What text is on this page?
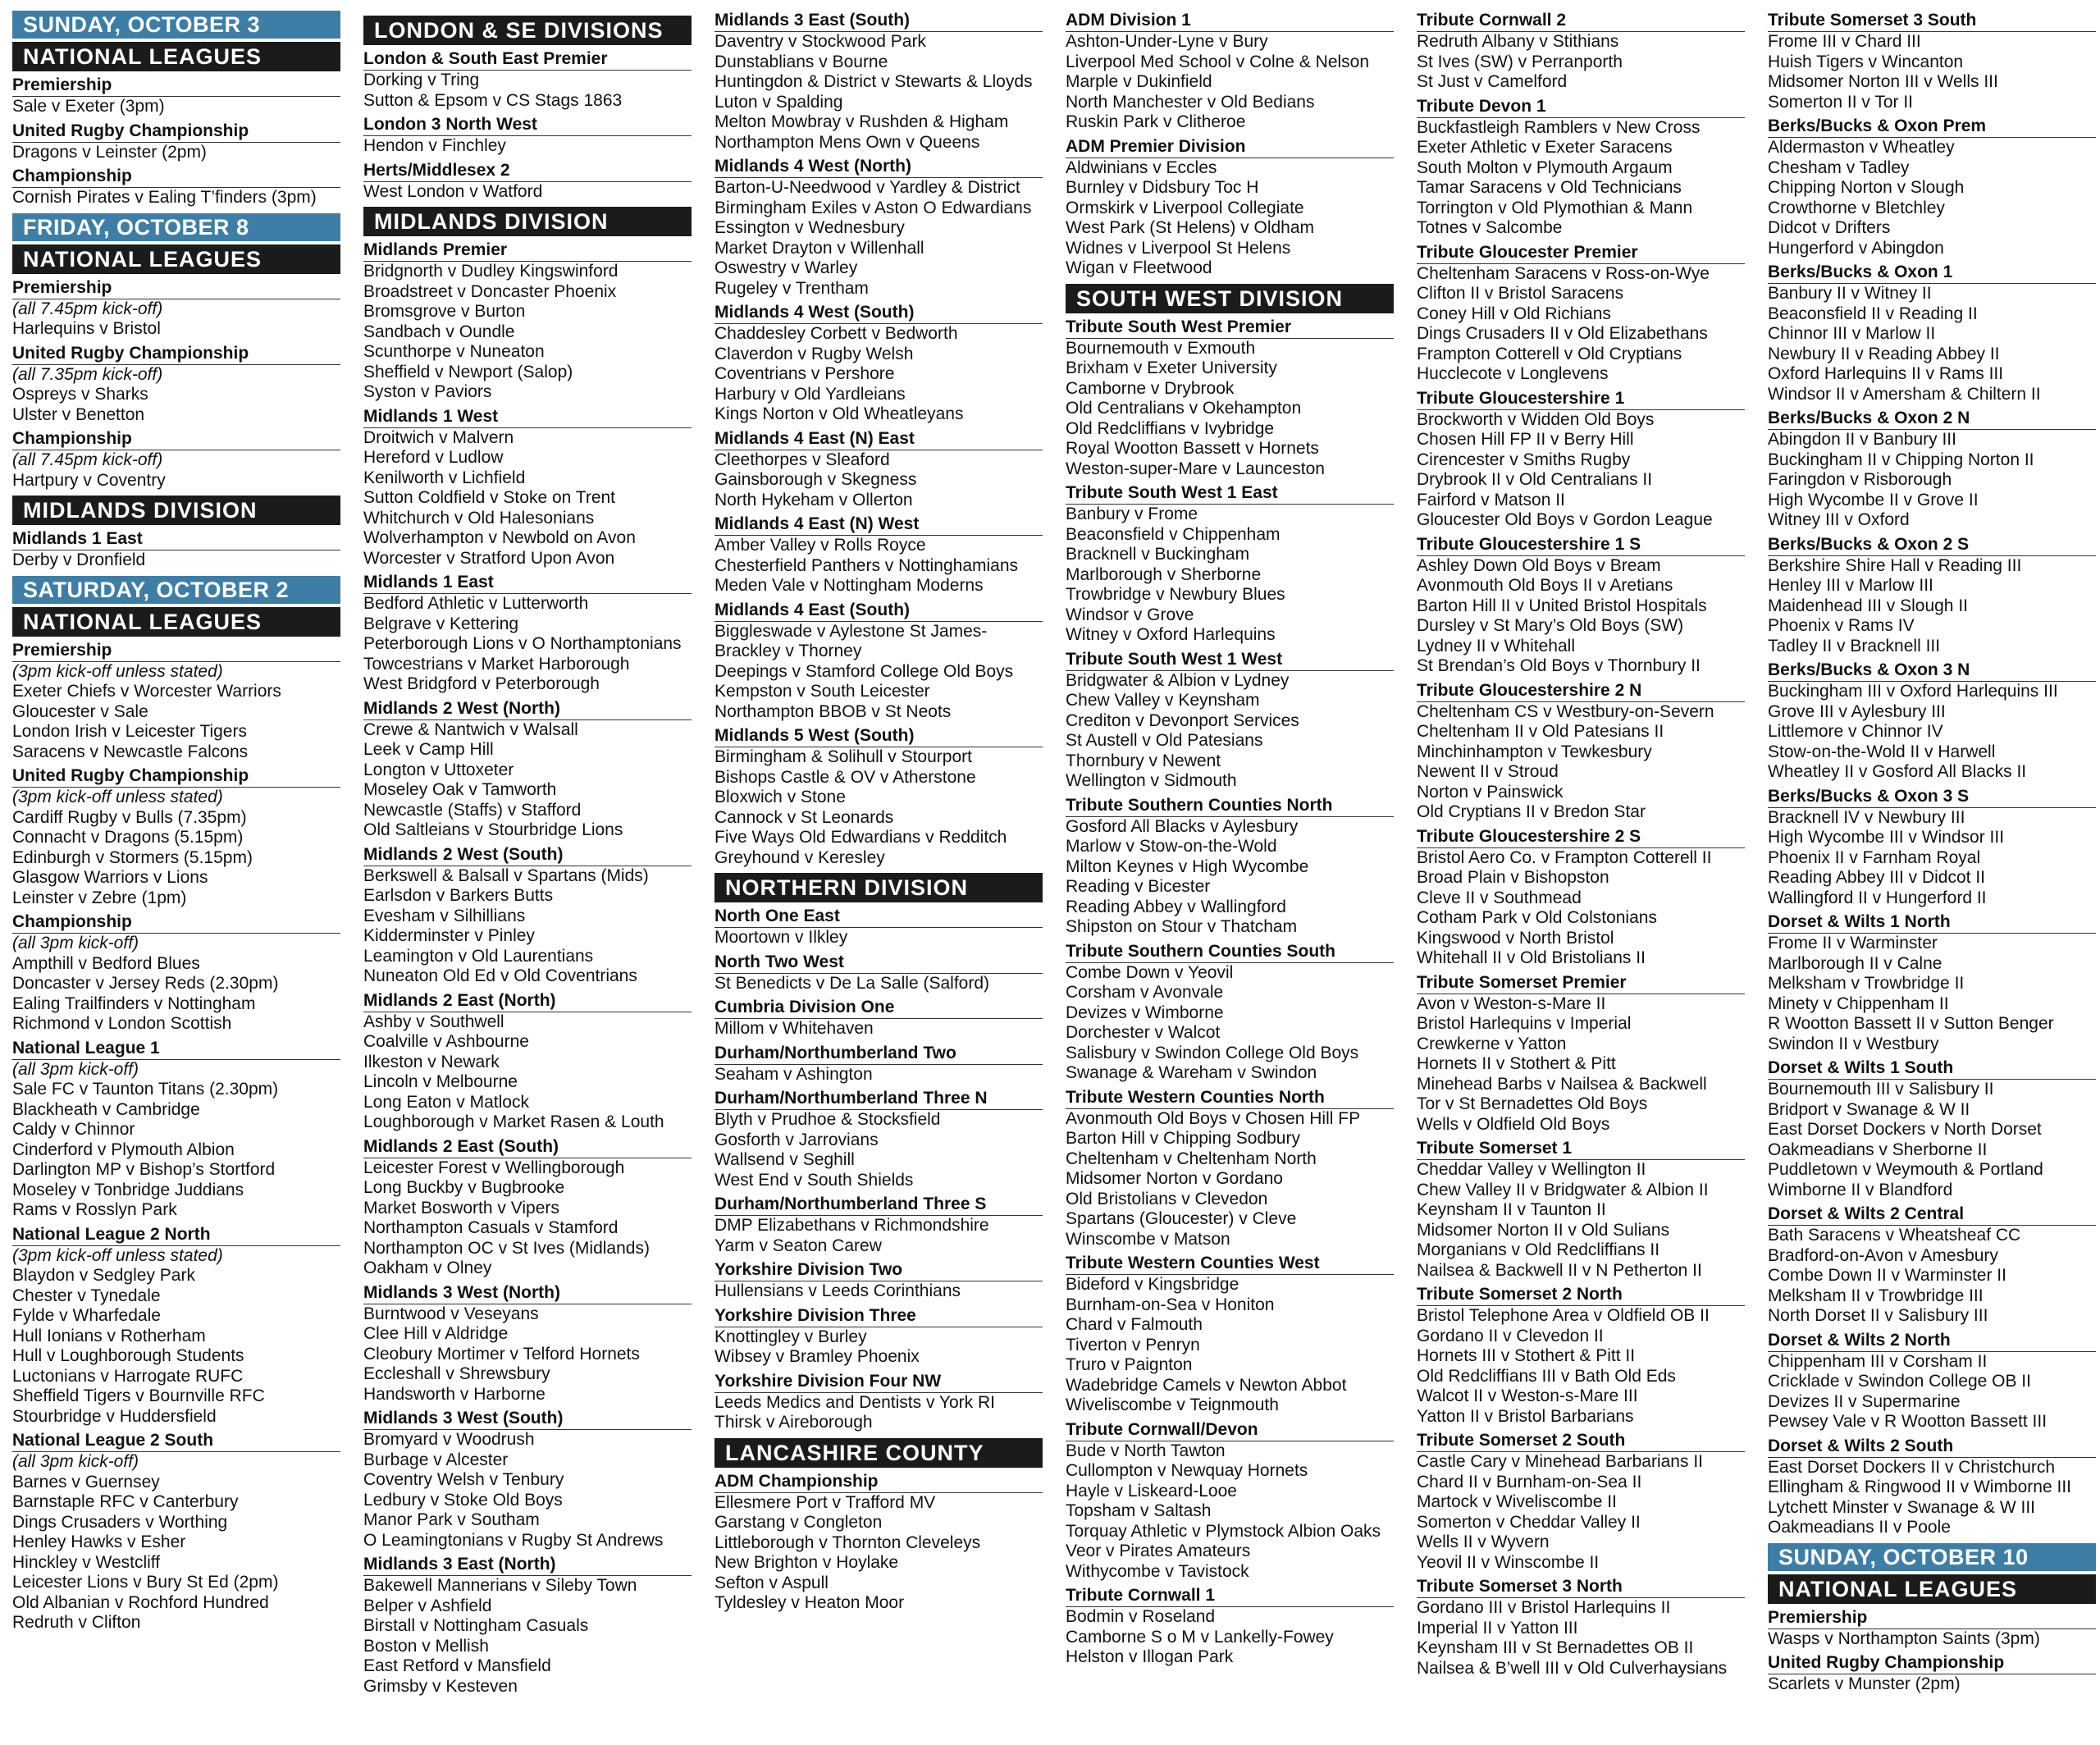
SUNDAY, OCTOBER 3
NATIONAL LEAGUES
Premiership
Sale v Exeter (3pm)
United Rugby Championship
Dragons v Leinster (2pm)
Championship
Cornish Pirates v Ealing T’finders (3pm)
FRIDAY, OCTOBER 8
NATIONAL LEAGUES
Premiership
(all 7.45pm kick-off)
Harlequins v Bristol
United Rugby Championship
(all 7.35pm kick-off)
Ospreys v Sharks
Ulster v Benetton
Championship
(all 7.45pm kick-off)
Hartpury v Coventry
MIDLANDS DIVISION
Midlands 1 East
Derby v Dronfield
SATURDAY, OCTOBER 2
NATIONAL LEAGUES
Premiership
(3pm kick-off unless stated)
Exeter Chiefs v Worcester Warriors
Gloucester v Sale
London Irish v Leicester Tigers
Saracens v Newcastle Falcons
United Rugby Championship
(3pm kick-off unless stated)
Cardiff Rugby v Bulls (7.35pm)
Connacht v Dragons (5.15pm)
Edinburgh v Stormers (5.15pm)
Glasgow Warriors v Lions
Leinster v Zebre (1pm)
Championship
(all 3pm kick-off)
Ampthill v Bedford Blues
Doncaster v Jersey Reds (2.30pm)
Ealing Trailfinders v Nottingham
Richmond v London Scottish
National League 1
(all 3pm kick-off)
Sale FC v Taunton Titans (2.30pm)
Blackheath v Cambridge
Caldy v Chinnor
Cinderford v Plymouth Albion
Darlington MP v Bishop’s Stortford
Moseley v Tonbridge Juddians
Rams v Rosslyn Park
National League 2 North
(3pm kick-off unless stated)
Blaydon v Sedgley Park
Chester v Tynedale
Fylde v Wharfedale
Hull Ionians v Rotherham
Hull v Loughborough Students
Luctonians v Harrogate RUFC
Sheffield Tigers v Bournville RFC
Stourbridge v Huddersfield
National League 2 South
(all 3pm kick-off)
Barnes v Guernsey
Barnstaple RFC v Canterbury
Dings Crusaders v Worthing
Henley Hawks v Esher
Hinckley v Westcliff
Leicester Lions v Bury St Ed (2pm)
Old Albanian v Rochford Hundred
Redruth v Clifton
LONDON & SE DIVISIONS
London & South East Premier
Dorking v Tring
Sutton & Epsom v CS Stags 1863
London 3 North West
Hendon v Finchley
Herts/Middlesex 2
West London v Watford
MIDLANDS DIVISION
Midlands Premier
Bridgnorth v Dudley Kingswinford
Broadstreet v Doncaster Phoenix
Bromsgrove v Burton
Sandbach v Oundle
Scunthorpe v Nuneaton
Sheffield v Newport (Salop)
Syston v Paviors
Midlands 1 West
Droitwich v Malvern
Hereford v Ludlow
Kenilworth v Lichfield
Sutton Coldfield v Stoke on Trent
Whitchurch v Old Halesonians
Wolverhampton v Newbold on Avon
Worcester v Stratford Upon Avon
Midlands 1 East
Bedford Athletic v Lutterworth
Belgrave v Kettering
Peterborough Lions v O Northamptonians
Towcestrians v Market Harborough
West Bridgford v Peterborough
Midlands 2 West (North)
Crewe & Nantwich v Walsall
Leek v Camp Hill
Longton v Uttoxeter
Moseley Oak v Tamworth
Newcastle (Staffs) v Stafford
Old Saltleians v Stourbridge Lions
Midlands 2 West (South)
Berkswell & Balsall v Spartans (Mids)
Earlsdon v Barkers Butts
Evesham v Silhillians
Kidderminster v Pinley
Leamington v Old Laurentians
Nuneaton Old Ed v Old Coventrians
Midlands 2 East (North)
Ashby v Southwell
Coalville v Ashbourne
Ilkeston v Newark
Lincoln v Melbourne
Long Eaton v Matlock
Loughborough v Market Rasen & Louth
Midlands 2 East (South)
Leicester Forest v Wellingborough
Long Buckby v Bugbrooke
Market Bosworth v Vipers
Northampton Casuals v Stamford
Northampton OC v St Ives (Midlands)
Oakham v Olney
Midlands 3 West (North)
Burntwood v Veseyans
Clee Hill v Aldridge
Cleobury Mortimer v Telford Hornets
Eccleshall v Shrewsbury
Handsworth v Harborne
Midlands 3 West (South)
Bromyard v Woodrush
Burbage v Alcester
Coventry Welsh v Tenbury
Ledbury v Stoke Old Boys
Manor Park v Southam
O Leamingtonians v Rugby St Andrews
Midlands 3 East (North)
Bakewell Mannerians v Sileby Town
Belper v Ashfield
Birstall v Nottingham Casuals
Boston v Mellish
East Retford v Mansfield
Grimsby v Kesteven
Midlands 3 East (South)
Daventry v Stockwood Park
Dunstablians v Bourne
Huntingdon & District v Stewarts & Lloyds
Luton v Spalding
Melton Mowbray v Rushden & Higham
Northampton Mens Own v Queens
Midlands 4 West (North)
Barton-U-Needwood v Yardley & District
Birmingham Exiles v Aston O Edwardians
Essington v Wednesbury
Market Drayton v Willenhall
Oswestry v Warley
Rugeley v Trentham
Midlands 4 West (South)
Chaddesley Corbett v Bedworth
Claverdon v Rugby Welsh
Coventrians v Pershore
Harbury v Old Yardleians
Kings Norton v Old Wheatleyans
Midlands 4 East (N) East
Cleethorpes v Sleaford
Gainsborough v Skegness
North Hykeham v Ollerton
Midlands 4 East (N) West
Amber Valley v Rolls Royce
Chesterfield Panthers v Nottinghamians
Meden Vale v Nottingham Moderns
Midlands 4 East (South)
Biggleswade v Aylestone St James-
Brackley v Thorney
Deepings v Stamford College Old Boys
Kempston v South Leicester
Northampton BBOB v St Neots
Midlands 5 West (South)
Birmingham & Solihull v Stourport
Bishops Castle & OV v Atherstone
Bloxwich v Stone
Cannock v St Leonards
Five Ways Old Edwardians v Redditch
Greyhound v Keresley
NORTHERN DIVISION
North One East
Moortown v Ilkley
North Two West
St Benedicts v De La Salle (Salford)
Cumbria Division One
Millom v Whitehaven
Durham/Northumberland Two
Seaham v Ashington
Durham/Northumberland Three N
Blyth v Prudhoe & Stocksfield
Gosforth v Jarrovians
Wallsend v Seghill
West End v South Shields
Durham/Northumberland Three S
DMP Elizabethans v Richmondshire
Yarm v Seaton Carew
Yorkshire Division Two
Hullensians v Leeds Corinthians
Yorkshire Division Three
Knottingley v Burley
Wibsey v Bramley Phoenix
Yorkshire Division Four NW
Leeds Medics and Dentists v York RI
Thirsk v Aireborough
LANCASHIRE COUNTY
ADM Championship
Ellesmere Port v Trafford MV
Garstang v Congleton
Littleborough v Thornton Cleveleys
New Brighton v Hoylake
Sefton v Aspull
Tyldesley v Heaton Moor
ADM Division 1
Ashton-Under-Lyne v Bury
Liverpool Med School v Colne & Nelson
Marple v Dukinfield
North Manchester v Old Bedians
Ruskin Park v Clitheroe
ADM Premier Division
Aldwinians v Eccles
Burnley v Didsbury Toc H
Ormskirk v Liverpool Collegiate
West Park (St Helens) v Oldham
Widnes v Liverpool St Helens
Wigan v Fleetwood
SOUTH WEST DIVISION
Tribute South West Premier
Bournemouth v Exmouth
Brixham v Exeter University
Camborne v Drybrook
Old Centralians v Okehampton
Old Redcliffians v Ivybridge
Royal Wootton Bassett v Hornets
Weston-super-Mare v Launceston
Tribute South West 1 East
Banbury v Frome
Beaconsfield v Chippenham
Bracknell v Buckingham
Marlborough v Sherborne
Trowbridge v Newbury Blues
Windsor v Grove
Witney v Oxford Harlequins
Tribute South West 1 West
Bridgwater & Albion v Lydney
Chew Valley v Keynsham
Crediton v Devonport Services
St Austell v Old Patesians
Thornbury v Newent
Wellington v Sidmouth
Tribute Southern Counties North
Gosford All Blacks v Aylesbury
Marlow v Stow-on-the-Wold
Milton Keynes v High Wycombe
Reading v Bicester
Reading Abbey v Wallingford
Shipston on Stour v Thatcham
Tribute Southern Counties South
Combe Down v Yeovil
Corsham v Avonvale
Devizes v Wimborne
Dorchester v Walcot
Salisbury v Swindon College Old Boys
Swanage & Wareham v Swindon
Tribute Western Counties North
Avonmouth Old Boys v Chosen Hill FP
Barton Hill v Chipping Sodbury
Cheltenham v Cheltenham North
Midsomer Norton v Gordano
Old Bristolians v Clevedon
Spartans (Gloucester) v Cleve
Winscombe v Matson
Tribute Western Counties West
Bideford v Kingsbridge
Burnham-on-Sea v Honiton
Chard v Falmouth
Tiverton v Penryn
Truro v Paignton
Wadebridge Camels v Newton Abbot
Wiveliscombe v Teignmouth
Tribute Cornwall/Devon
Bude v North Tawton
Cullompton v Newquay Hornets
Hayle v Liskeard-Looe
Topsham v Saltash
Torquay Athletic v Plymstock Albion Oaks
Veor v Pirates Amateurs
Withycombe v Tavistock
Tribute Cornwall 1
Bodmin v Roseland
Camborne S o M v Lankelly-Fowey
Helston v Illogan Park
Tribute Cornwall 2
Redruth Albany v Stithians
St Ives (SW) v Perranporth
St Just v Camelford
Tribute Devon 1
Buckfastleigh Ramblers v New Cross
Exeter Athletic v Exeter Saracens
South Molton v Plymouth Argaum
Tamar Saracens v Old Technicians
Torrington v Old Plymothian & Mann
Totnes v Salcombe
Tribute Gloucester Premier
Cheltenham Saracens v Ross-on-Wye
Clifton II v Bristol Saracens
Coney Hill v Old Richians
Dings Crusaders II v Old Elizabethans
Frampton Cotterell v Old Cryptians
Hucclecote v Longlevens
Tribute Gloucestershire 1
Brockworth v Widden Old Boys
Chosen Hill FP II v Berry Hill
Cirencester v Smiths Rugby
Drybrook II v Old Centralians II
Fairford v Matson II
Gloucester Old Boys v Gordon League
Tribute Gloucestershire 1 S
Ashley Down Old Boys v Bream
Avonmouth Old Boys II v Aretians
Barton Hill II v United Bristol Hospitals
Dursley v St Mary’s Old Boys (SW)
Lydney II v Whitehall
St Brendan’s Old Boys v Thornbury II
Tribute Gloucestershire 2 N
Cheltenham CS v Westbury-on-Severn
Cheltenham II v Old Patesians II
Minchinhampton v Tewkesbury
Newent II v Stroud
Norton v Painswick
Old Cryptians II v Bredon Star
Tribute Gloucestershire 2 S
Bristol Aero Co. v Frampton Cotterell II
Broad Plain v Bishopston
Cleve II v Southmead
Cotham Park v Old Colstonians
Kingswood v North Bristol
Whitehall II v Old Bristolians II
Tribute Somerset Premier
Avon v Weston-s-Mare II
Bristol Harlequins v Imperial
Crewkerne v Yatton
Hornets II v Stothert & Pitt
Minehead Barbs v Nailsea & Backwell
Tor v St Bernadettes Old Boys
Wells v Oldfield Old Boys
Tribute Somerset 1
Cheddar Valley v Wellington II
Chew Valley II v Bridgwater & Albion II
Keynsham II v Taunton II
Midsomer Norton II v Old Sulians
Morganians v Old Redcliffians II
Nailsea & Backwell II v N Petherton II
Tribute Somerset 2 North
Bristol Telephone Area v Oldfield OB II
Gordano II v Clevedon II
Hornets III v Stothert & Pitt II
Old Redcliffians III v Bath Old Eds
Walcot II v Weston-s-Mare III
Yatton II v Bristol Barbarians
Tribute Somerset 2 South
Castle Cary v Minehead Barbarians II
Chard II v Burnham-on-Sea II
Martock v Wiveliscombe II
Somerton v Cheddar Valley II
Wells II v Wyvern
Yeovil II v Winscombe II
Tribute Somerset 3 North
Gordano III v Bristol Harlequins II
Imperial II v Yatton III
Keynsham III v St Bernadettes OB II
Nailsea & B’well III v Old Culverhaysians
Tribute Somerset 3 South
Frome III v Chard III
Huish Tigers v Wincanton
Midsomer Norton III v Wells III
Somerton II v Tor II
Berks/Bucks & Oxon Prem
Aldermaston v Wheatley
Chesham v Tadley
Chipping Norton v Slough
Crowthorne v Bletchley
Didcot v Drifters
Hungerford v Abingdon
Berks/Bucks & Oxon 1
Banbury II v Witney II
Beaconsfield II v Reading II
Chinnor III v Marlow II
Newbury II v Reading Abbey II
Oxford Harlequins II v Rams III
Windsor II v Amersham & Chiltern II
Berks/Bucks & Oxon 2 N
Abingdon II v Banbury III
Buckingham II v Chipping Norton II
Faringdon v Risborough
High Wycombe II v Grove II
Witney III v Oxford
Berks/Bucks & Oxon 2 S
Berkshire Shire Hall v Reading III
Henley III v Marlow III
Maidenhead III v Slough II
Phoenix v Rams IV
Tadley II v Bracknell III
Berks/Bucks & Oxon 3 N
Buckingham III v Oxford Harlequins III
Grove III v Aylesbury III
Littlemore v Chinnor IV
Stow-on-the-Wold II v Harwell
Wheatley II v Gosford All Blacks II
Berks/Bucks & Oxon 3 S
Bracknell IV v Newbury III
High Wycombe III v Windsor III
Phoenix II v Farnham Royal
Reading Abbey III v Didcot II
Wallingford II v Hungerford II
Dorset & Wilts 1 North
Frome II v Warminster
Marlborough II v Calne
Melksham v Trowbridge II
Minety v Chippenham II
R Wootton Bassett II v Sutton Benger
Swindon II v Westbury
Dorset & Wilts 1 South
Bournemouth III v Salisbury II
Bridport v Swanage & W II
East Dorset Dockers v North Dorset
Oakmeadians v Sherborne II
Puddletown v Weymouth & Portland
Wimborne II v Blandford
Dorset & Wilts 2 Central
Bath Saracens v Wheatsheaf CC
Bradford-on-Avon v Amesbury
Combe Down II v Warminster II
Melksham II v Trowbridge III
North Dorset II v Salisbury III
Dorset & Wilts 2 North
Chippenham III v Corsham II
Cricklade v Swindon College OB II
Devizes II v Supermarine
Pewsey Vale v R Wootton Bassett III
Dorset & Wilts 2 South
East Dorset Dockers II v Christchurch
Ellingham & Ringwood II v Wimborne III
Lytchett Minster v Swanage & W III
Oakmeadians II v Poole
SUNDAY, OCTOBER 10
NATIONAL LEAGUES
Premiership
Wasps v Northampton Saints (3pm)
United Rugby Championship
Scarlets v Munster (2pm)
